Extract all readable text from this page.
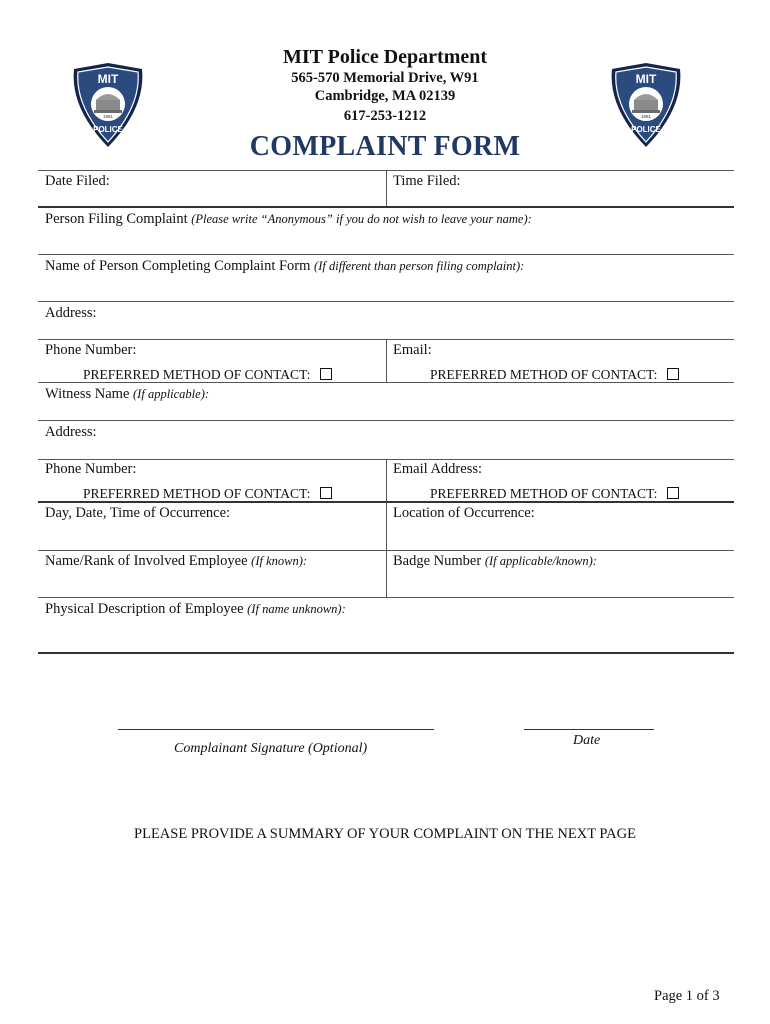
MIT
POLICE
1861
MIT
POLICE
1861
MIT Police Department
565-570 Memorial Drive, W91
Cambridge, MA 02139
617-253-1212
COMPLAINT FORM
Date Filed:	Time Filed:
Person Filing Complaint (Please write “Anonymous” if you do not wish to leave your name):
Name of Person Completing Complaint Form (If different than person filing complaint):
Address:
Phone Number:	Email:
PREFERRED METHOD OF CONTACT:	PREFERRED METHOD OF CONTACT:
Witness Name (If applicable):
Address:
Phone Number:	Email Address:
PREFERRED METHOD OF CONTACT:	PREFERRED METHOD OF CONTACT:
Day, Date, Time of Occurrence:	Location of Occurrence:
Name/Rank of Involved Employee (If known):	Badge Number (If applicable/known):
Physical Description of Employee (If name unknown):
Complainant Signature (Optional)
Date
PLEASE PROVIDE A SUMMARY OF YOUR COMPLAINT ON THE NEXT PAGE
Page 1 of 3
